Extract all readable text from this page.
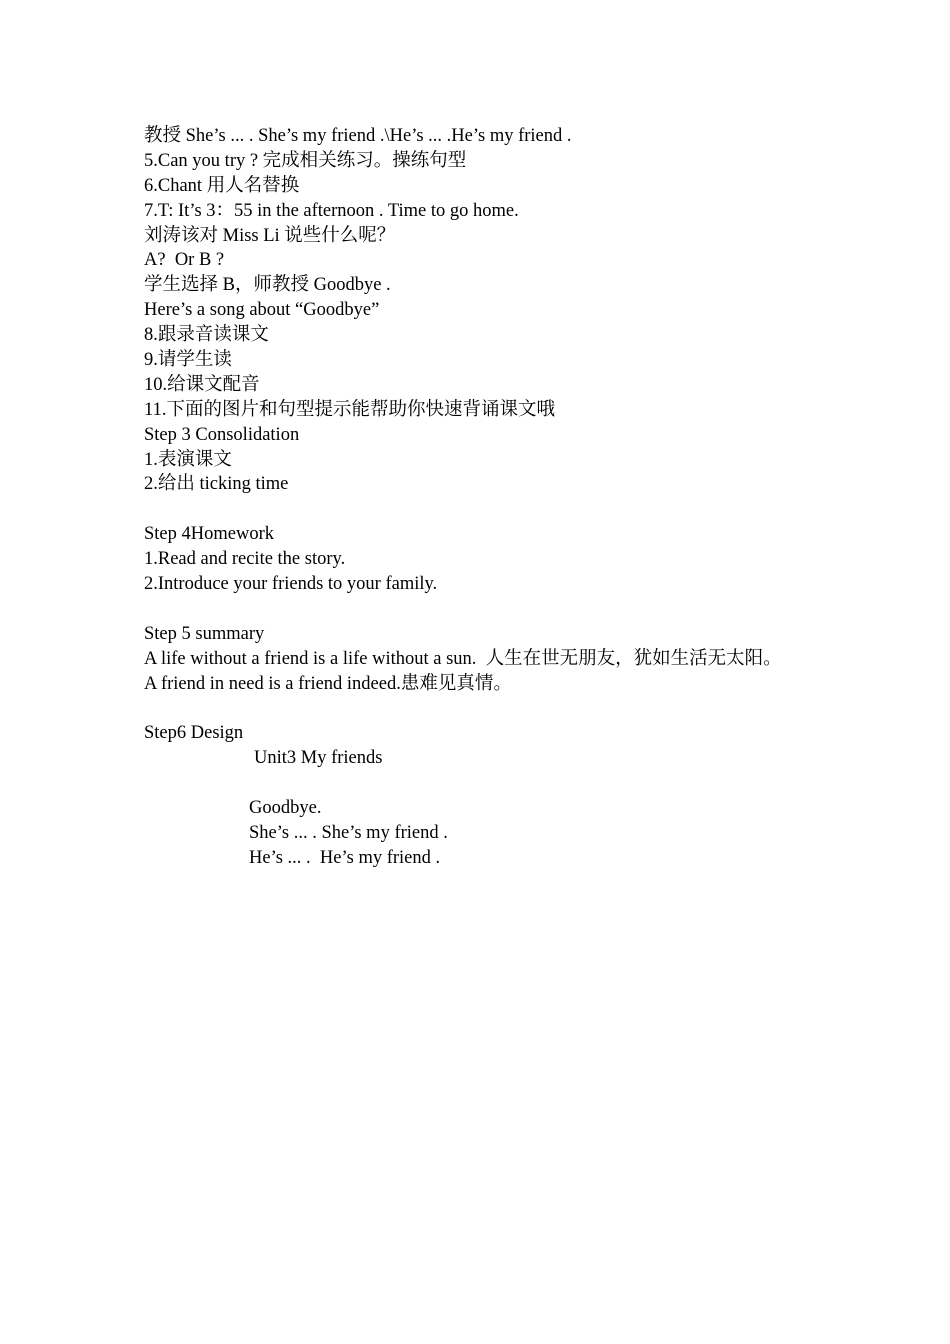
教授 She’s ... . She’s my friend .\He’s ... .He’s my friend .
5.Can you try ? 完成相关练习。操练句型
6.Chant 用人名替换
7.T: It’s 3：55 in the afternoon . Time to go home.
刘涛该对 Miss Li 说些什么呢？
A?  Or B ?
学生选择 B，师教授 Goodbye .
Here’s a song about “Goodbye”
8.跟录音读课文
9.请学生读
10.给课文配音
11.下面的图片和句型提示能帮助你快速背诵课文哦
Step 3 Consolidation
1.表演课文
2.给出 ticking time
Step 4Homework
1.Read and recite the story.
2.Introduce your friends to your family.
Step 5 summary
A life without a friend is a life without a sun.  人生在世无朋友，犹如生活无太阳。
A friend in need is a friend indeed.患难见真情。
Step6 Design
Unit3 My friends
Goodbye.
She’s ... . She’s my friend .
He’s ... .  He’s my friend .
